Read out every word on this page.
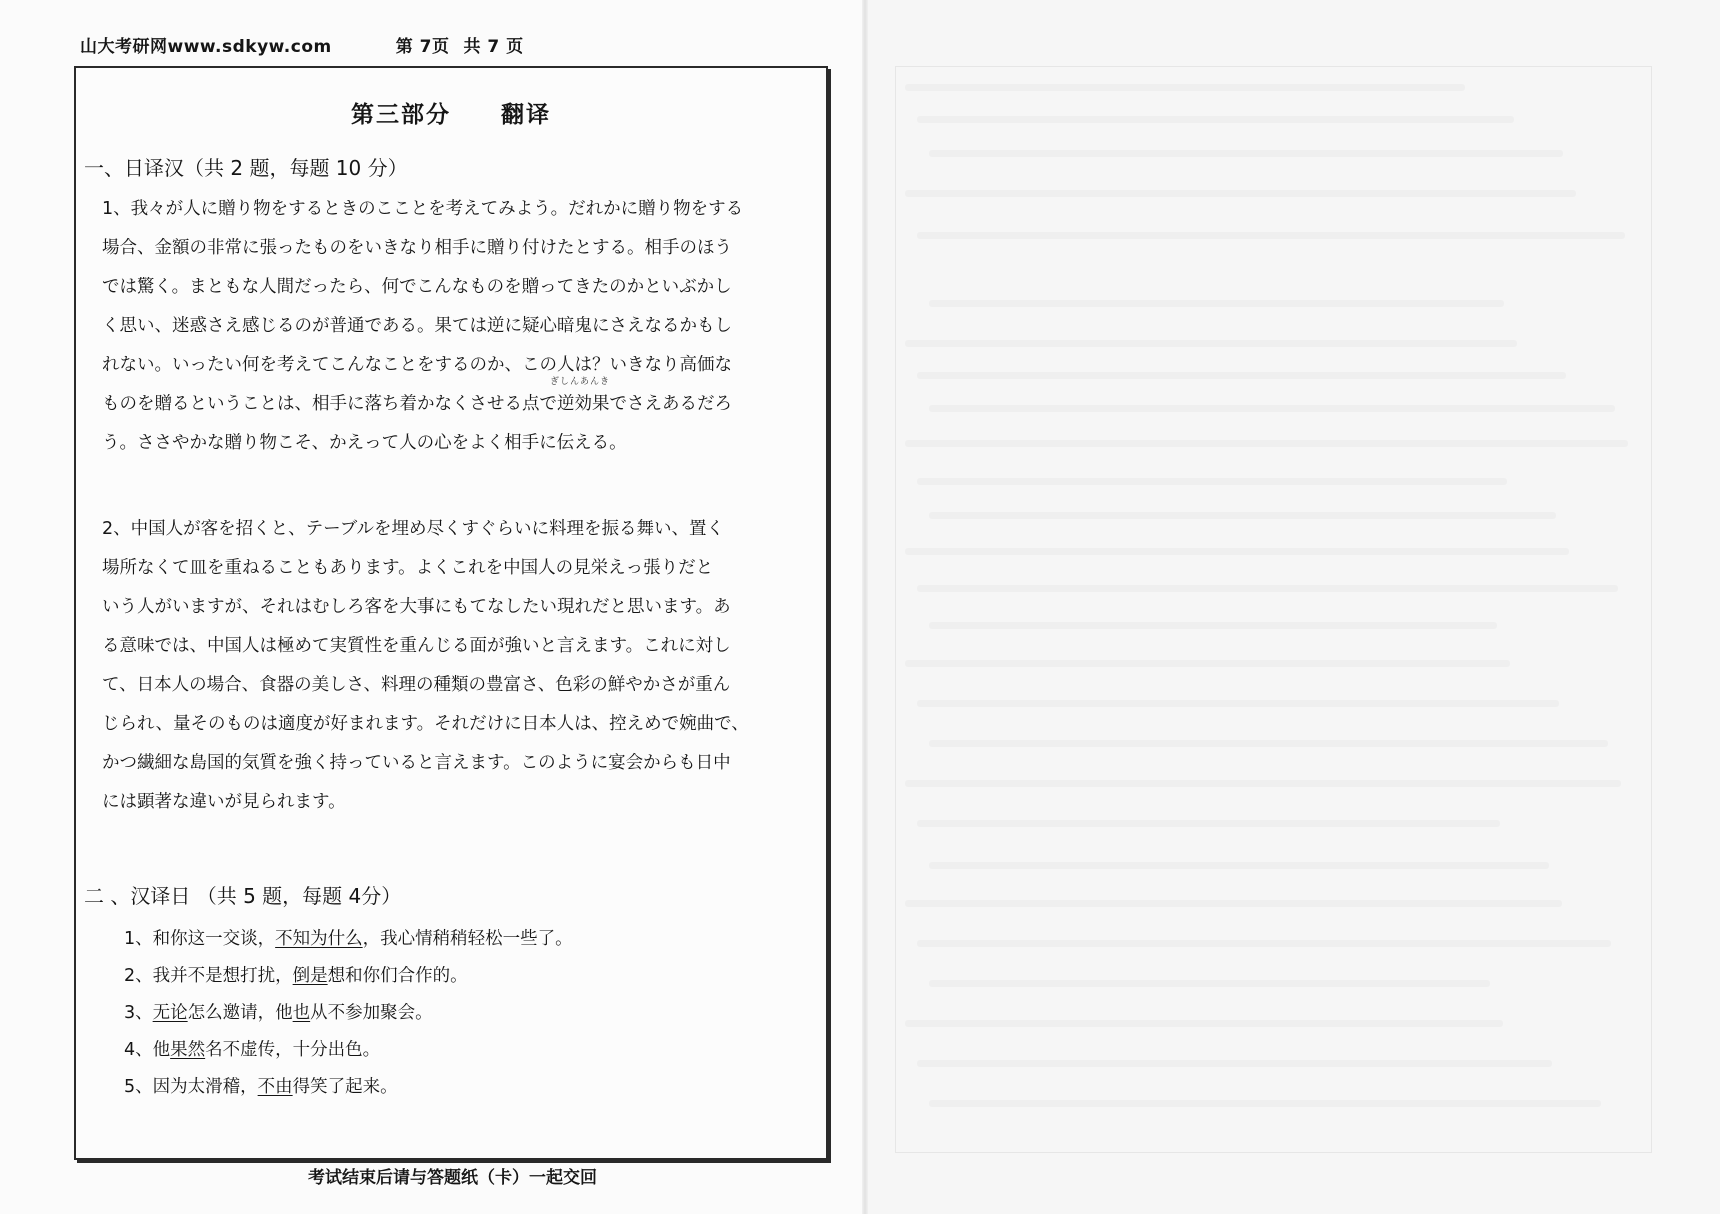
山大考研网www.sdkyw.com	第 7页 共 7 页
第三部分 翻译
一、日译汉（共 2 题，每题 10 分）
1、我々が人に贈り物をするときのこことを考えてみよう。だれかに贈り物をする
場合、金額の非常に張ったものをいきなり相手に贈り付けたとする。相手のほう
では驚く。まともな人間だったら、何でこんなものを贈ってきたのかといぶかし
く思い、迷惑さえ感じるのが普通である。果ては逆に疑心暗鬼にさえなるかもし
れない。いったい何を考えてこんなことをするのか、この人は？いきなり高価な
ものを贈るということは、相手に落ち着かなくさせる点で逆効果でさえあるだろ
う。ささやかな贈り物こそ、かえって人の心をよく相手に伝える。
ぎしんあんき
2、中国人が客を招くと、テーブルを埋め尽くすぐらいに料理を振る舞い、置く
場所なくて皿を重ねることもあります。よくこれを中国人の見栄えっ張りだと
いう人がいますが、それはむしろ客を大事にもてなしたい現れだと思います。あ
る意味では、中国人は極めて実質性を重んじる面が強いと言えます。これに対し
て、日本人の場合、食器の美しさ、料理の種類の豊富さ、色彩の鮮やかさが重ん
じられ、量そのものは適度が好まれます。それだけに日本人は、控えめで婉曲で、
かつ繊細な島国的気質を強く持っていると言えます。このように宴会からも日中
には顕著な違いが見られます。
二 、汉译日 （共 5 题，每题 4分）
1、和你这一交谈，不知为什么，我心情稍稍轻松一些了。
2、我并不是想打扰，倒是想和你们合作的。
3、无论怎么邀请，他也从不参加聚会。
4、他果然名不虚传，十分出色。
5、因为太滑稽，不由得笑了起来。
考试结束后请与答题纸（卡）一起交回
